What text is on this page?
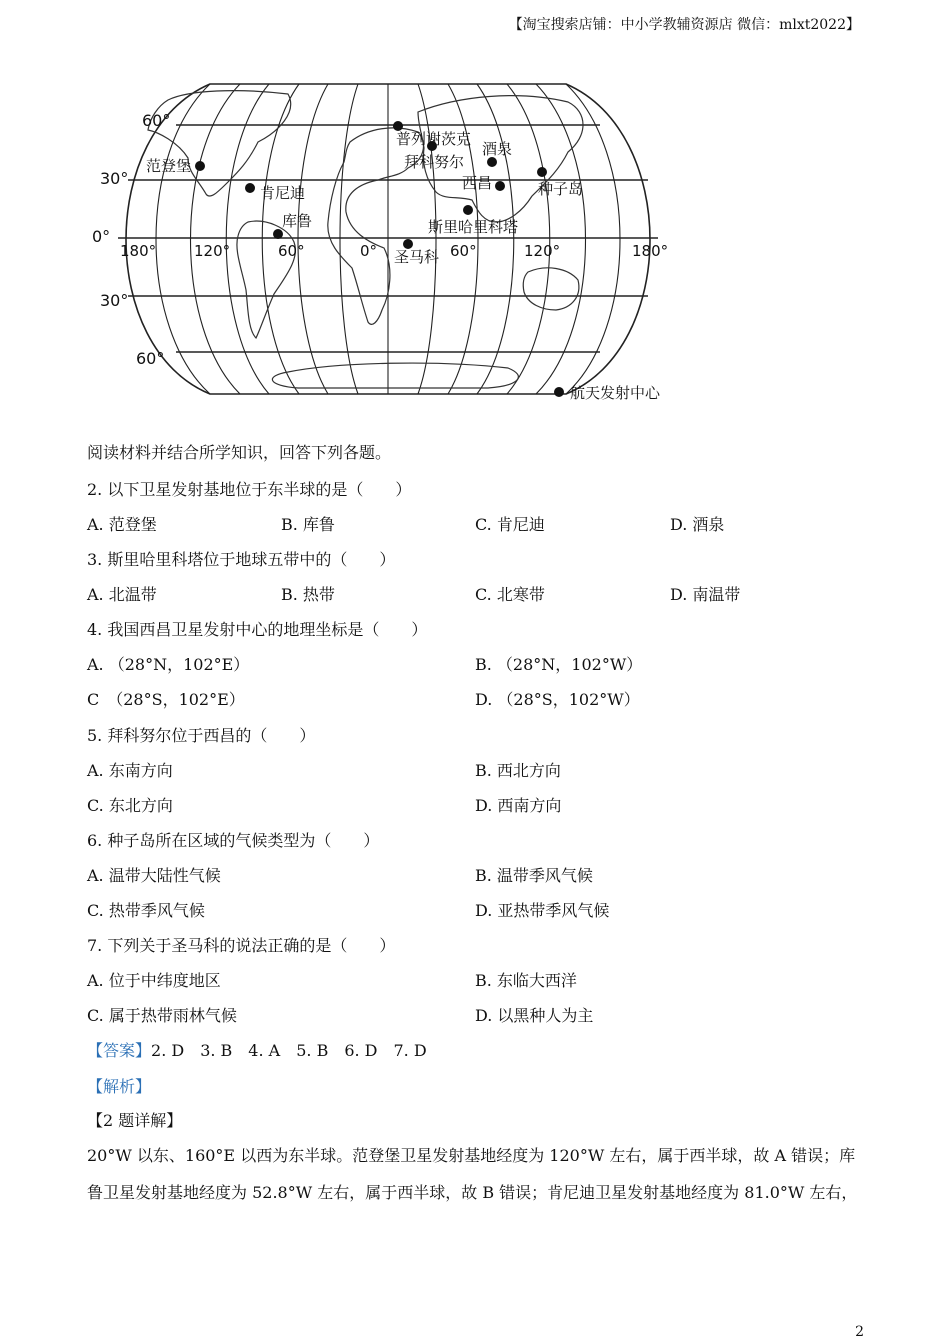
【淘宝搜索店铺：中小学教辅资源店 微信：mlxt2022】
60°
30°
0°
30°
60°
180°	120°	60°	0°	60°	120°	180°
范登堡
肯尼迪
库鲁
普列谢茨克
拜科努尔
酒泉
西昌	种子岛
斯里哈里科塔
圣马科
航天发射中心
阅读材料并结合所学知识，回答下列各题。
2. 以下卫星发射基地位于东半球的是（　　）
A. 范登堡	B. 库鲁	C. 肯尼迪	D. 酒泉
3. 斯里哈里科塔位于地球五带中的（　　）
A. 北温带	B. 热带	C. 北寒带	D. 南温带
4. 我国西昌卫星发射中心的地理坐标是（　　）
A. （28°N，102°E）	B. （28°N，102°W）
C　（28°S，102°E）	D. （28°S，102°W）
5. 拜科努尔位于西昌的（　　）
A. 东南方向	B. 西北方向
C. 东北方向	D. 西南方向
6. 种子岛所在区域的气候类型为（　　）
A. 温带大陆性气候	B. 温带季风气候
C. 热带季风气候	D. 亚热带季风气候
7. 下列关于圣马科的说法正确的是（　　）
A. 位于中纬度地区	B. 东临大西洋
C. 属于热带雨林气候	D. 以黑种人为主
【答案】2. D　3. B　4. A　5. B　6. D　7. D
【解析】
【2 题详解】
20°W 以东、160°E 以西为东半球。范登堡卫星发射基地经度为 120°W 左右，属于西半球，故 A 错误；库
鲁卫星发射基地经度为 52.8°W 左右，属于西半球，故 B 错误；肯尼迪卫星发射基地经度为 81.0°W 左右，
2
